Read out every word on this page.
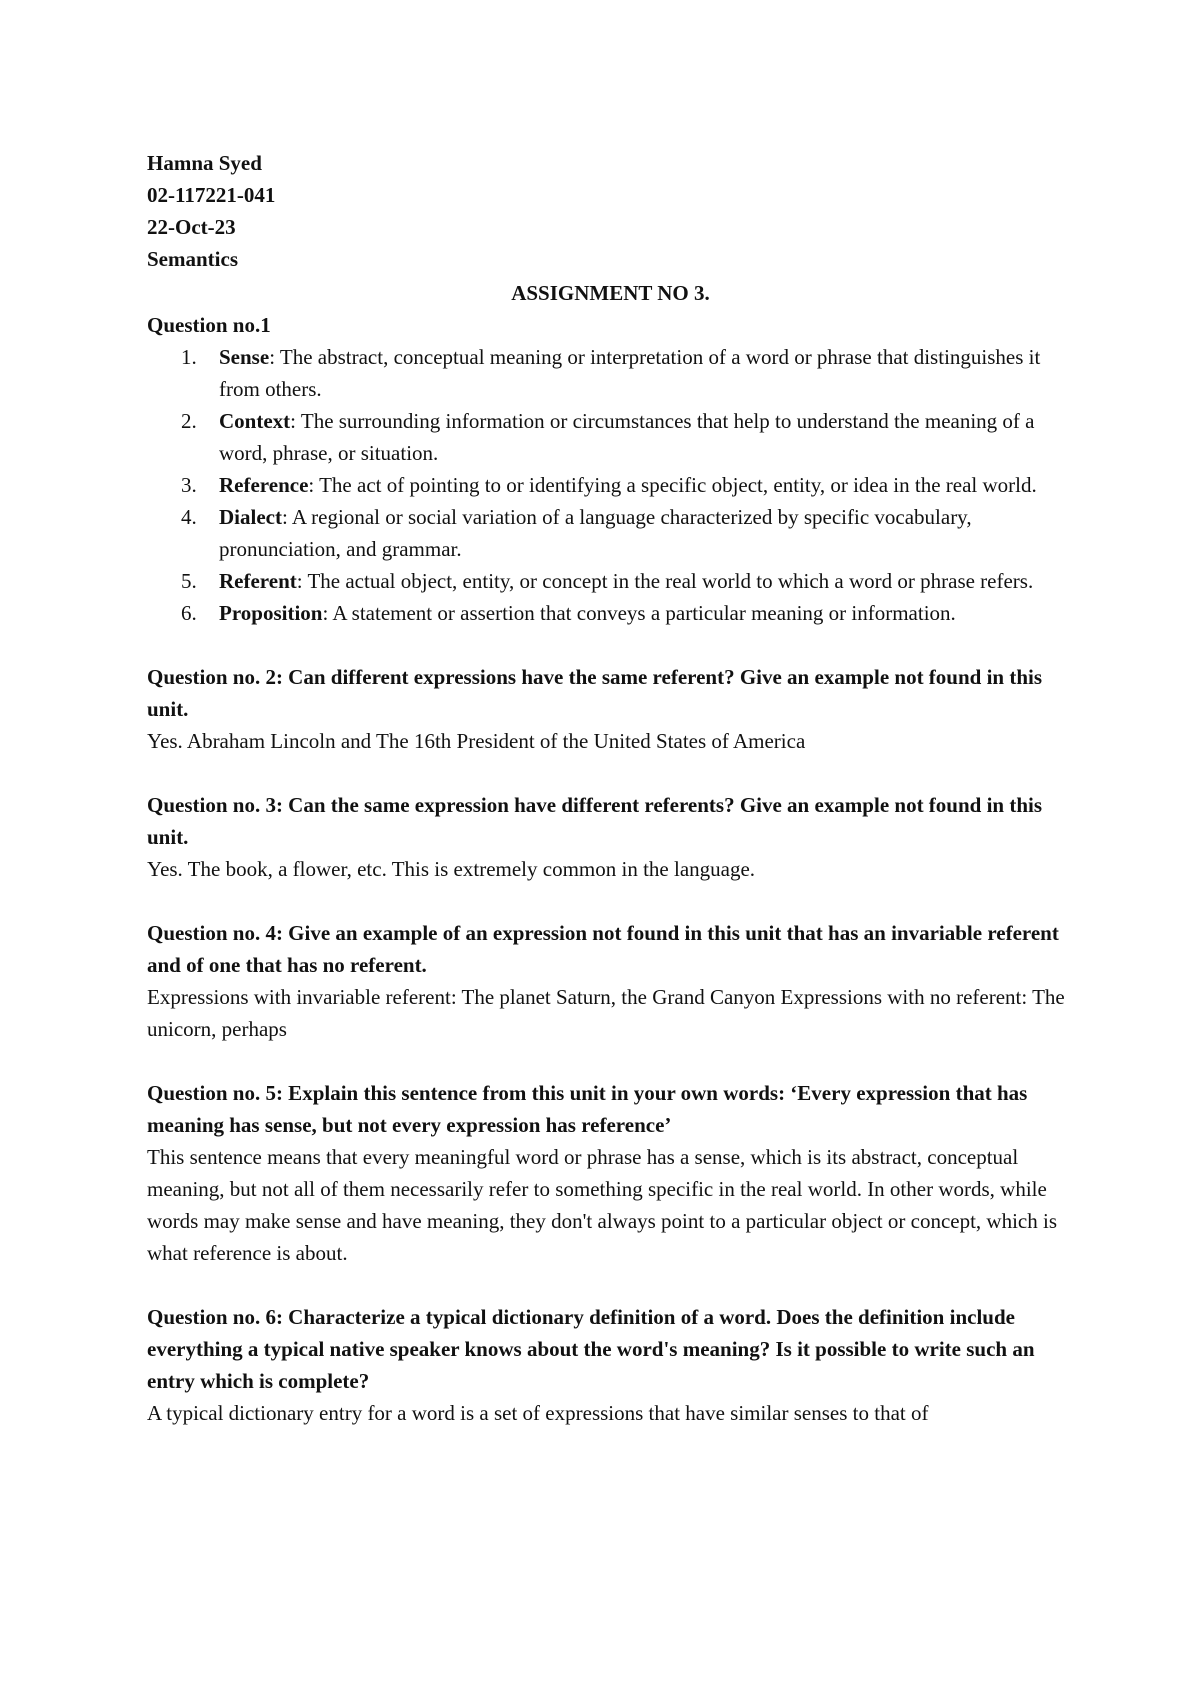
Hamna Syed
02-117221-041
22-Oct-23
Semantics
ASSIGNMENT NO 3.
Question no.1
1. Sense: The abstract, conceptual meaning or interpretation of a word or phrase that distinguishes it from others.
2. Context: The surrounding information or circumstances that help to understand the meaning of a word, phrase, or situation.
3. Reference: The act of pointing to or identifying a specific object, entity, or idea in the real world.
4. Dialect: A regional or social variation of a language characterized by specific vocabulary, pronunciation, and grammar.
5. Referent: The actual object, entity, or concept in the real world to which a word or phrase refers.
6. Proposition: A statement or assertion that conveys a particular meaning or information.
Question no. 2: Can different expressions have the same referent? Give an example not found in this unit.
Yes. Abraham Lincoln and The 16th President of the United States of America
Question no. 3: Can the same expression have different referents? Give an example not found in this unit.
Yes. The book, a flower, etc. This is extremely common in the language.
Question no. 4: Give an example of an expression not found in this unit that has an invariable referent and of one that has no referent.
Expressions with invariable referent: The planet Saturn, the Grand Canyon Expressions with no referent: The unicorn, perhaps
Question no. 5: Explain this sentence from this unit in your own words: ‘Every expression that has meaning has sense, but not every expression has reference’
This sentence means that every meaningful word or phrase has a sense, which is its abstract, conceptual meaning, but not all of them necessarily refer to something specific in the real world. In other words, while words may make sense and have meaning, they don't always point to a particular object or concept, which is what reference is about.
Question no. 6: Characterize a typical dictionary definition of a word. Does the definition include everything a typical native speaker knows about the word's meaning? Is it possible to write such an entry which is complete?
A typical dictionary entry for a word is a set of expressions that have similar senses to that of
